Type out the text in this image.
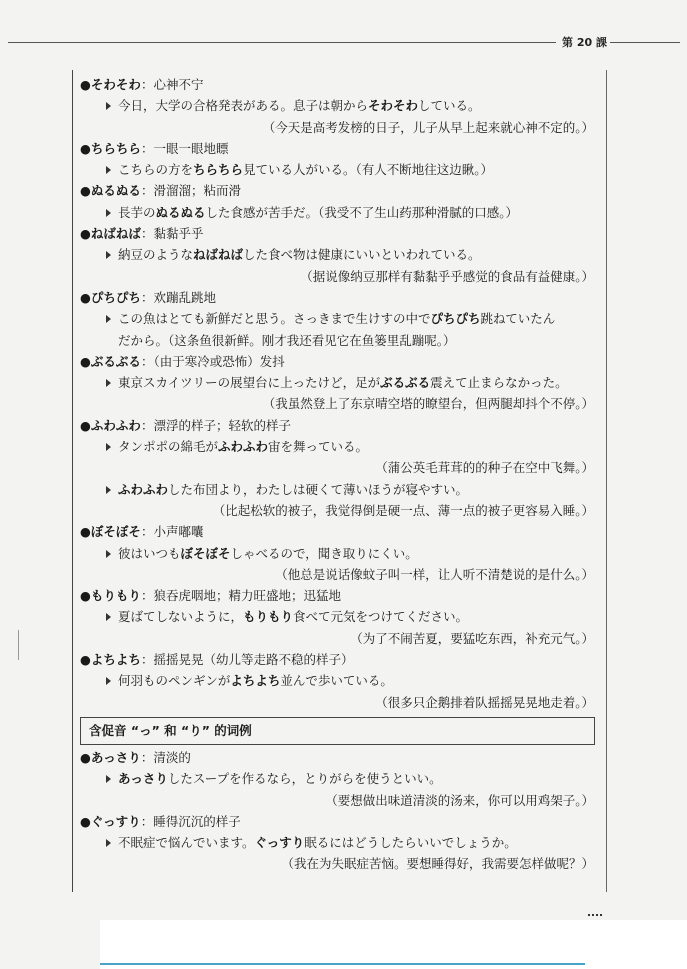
第 20 課
●そわそわ：心神不宁
今日，大学の合格発表がある。息子は朝からそわそわしている。
（今天是高考发榜的日子，儿子从早上起来就心神不定的。）
●ちらちら：一眼一眼地瞟
こちらの方をちらちら見ている人がいる。（有人不断地往这边瞅。）
●ぬるぬる：滑溜溜；粘而滑
長芋のぬるぬるした食感が苦手だ。（我受不了生山药那种滑腻的口感。）
●ねばねば：黏黏乎乎
納豆のようなねばねばした食べ物は健康にいいといわれている。
（据说像纳豆那样有黏黏乎乎感觉的食品有益健康。）
●ぴちぴち：欢蹦乱跳地
この魚はとても新鮮だと思う。さっきまで生けすの中でぴちぴち跳ねていたん
だから。（这条鱼很新鲜。刚才我还看见它在鱼篓里乱蹦呢。）
●ぶるぶる：（由于寒冷或恐怖）发抖
東京スカイツリーの展望台に上ったけど，足がぶるぶる震えて止まらなかった。
（我虽然登上了东京晴空塔的瞭望台，但两腿却抖个不停。）
●ふわふわ：漂浮的样子；轻软的样子
タンポポの綿毛がふわふわ宙を舞っている。
（蒲公英毛茸茸的的种子在空中飞舞。）
ふわふわした布団より，わたしは硬くて薄いほうが寝やすい。
（比起松软的被子，我觉得倒是硬一点、薄一点的被子更容易入睡。）
●ぼそぼそ：小声嘟囔
彼はいつもぼそぼそしゃべるので，聞き取りにくい。
（他总是说话像蚊子叫一样，让人听不清楚说的是什么。）
●もりもり：狼吞虎咽地；精力旺盛地；迅猛地
夏ばてしないように，もりもり食べて元気をつけてください。
（为了不闹苦夏，要猛吃东西，补充元气。）
●よちよち：摇摇晃晃（幼儿等走路不稳的样子）
何羽ものペンギンがよちよち並んで歩いている。
（很多只企鹅排着队摇摇晃晃地走着。）
含促音 “っ” 和 “り” 的词例
●あっさり：清淡的
あっさりしたスープを作るなら，とりがらを使うといい。
（要想做出味道清淡的汤来，你可以用鸡架子。）
●ぐっすり：睡得沉沉的样子
不眠症で悩んでいます。ぐっすり眠るにはどうしたらいいでしょうか。
（我在为失眠症苦恼。要想睡得好，我需要怎样做呢？）
